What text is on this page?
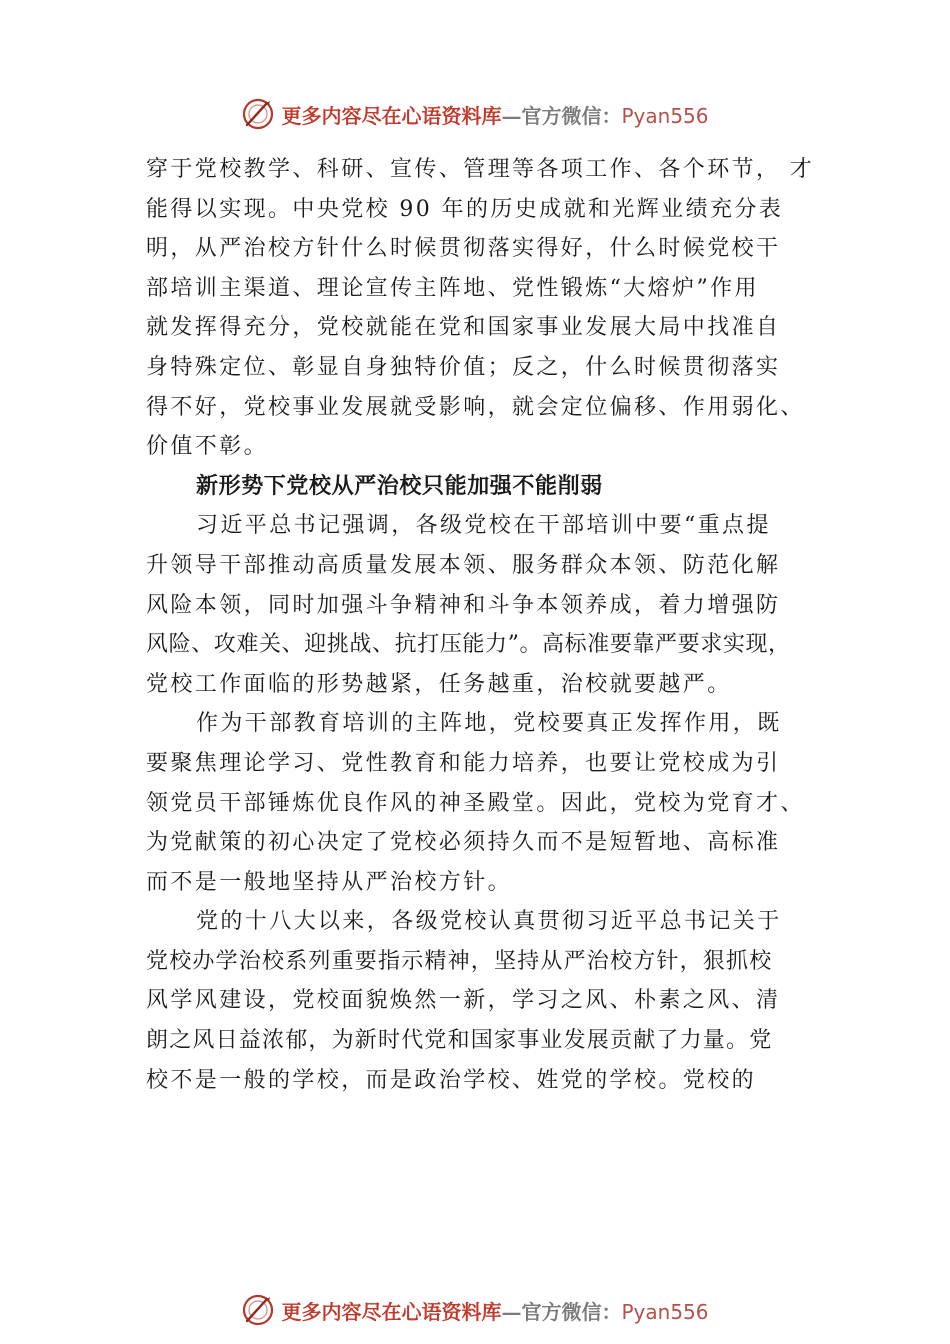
更多内容尽在心语资料库—官方微信：Pyan556
穿于党校教学、科研、宣传、管理等各项工作、各个环节， 才
能得以实现。中央党校 90 年的历史成就和光辉业绩充分表
明，从严治校方针什么时候贯彻落实得好，什么时候党校干
部培训主渠道、理论宣传主阵地、党性锻炼“大熔炉”作用
就发挥得充分，党校就能在党和国家事业发展大局中找准自
身特殊定位、彰显自身独特价值；反之，什么时候贯彻落实
得不好，党校事业发展就受影响，就会定位偏移、作用弱化、
价值不彰。
新形势下党校从严治校只能加强不能削弱
习近平总书记强调，各级党校在干部培训中要“重点提
升领导干部推动高质量发展本领、服务群众本领、防范化解
风险本领，同时加强斗争精神和斗争本领养成，着力增强防
风险、攻难关、迎挑战、抗打压能力”。高标准要靠严要求实现，
党校工作面临的形势越紧，任务越重，治校就要越严。
作为干部教育培训的主阵地，党校要真正发挥作用，既
要聚焦理论学习、党性教育和能力培养，也要让党校成为引
领党员干部锤炼优良作风的神圣殿堂。因此，党校为党育才、
为党献策的初心决定了党校必须持久而不是短暂地、高标准
而不是一般地坚持从严治校方针。
党的十八大以来，各级党校认真贯彻习近平总书记关于
党校办学治校系列重要指示精神，坚持从严治校方针，狠抓校
风学风建设，党校面貌焕然一新，学习之风、朴素之风、清
朗之风日益浓郁，为新时代党和国家事业发展贡献了力量。党
校不是一般的学校，而是政治学校、姓党的学校。党校的
更多内容尽在心语资料库—官方微信：Pyan556
